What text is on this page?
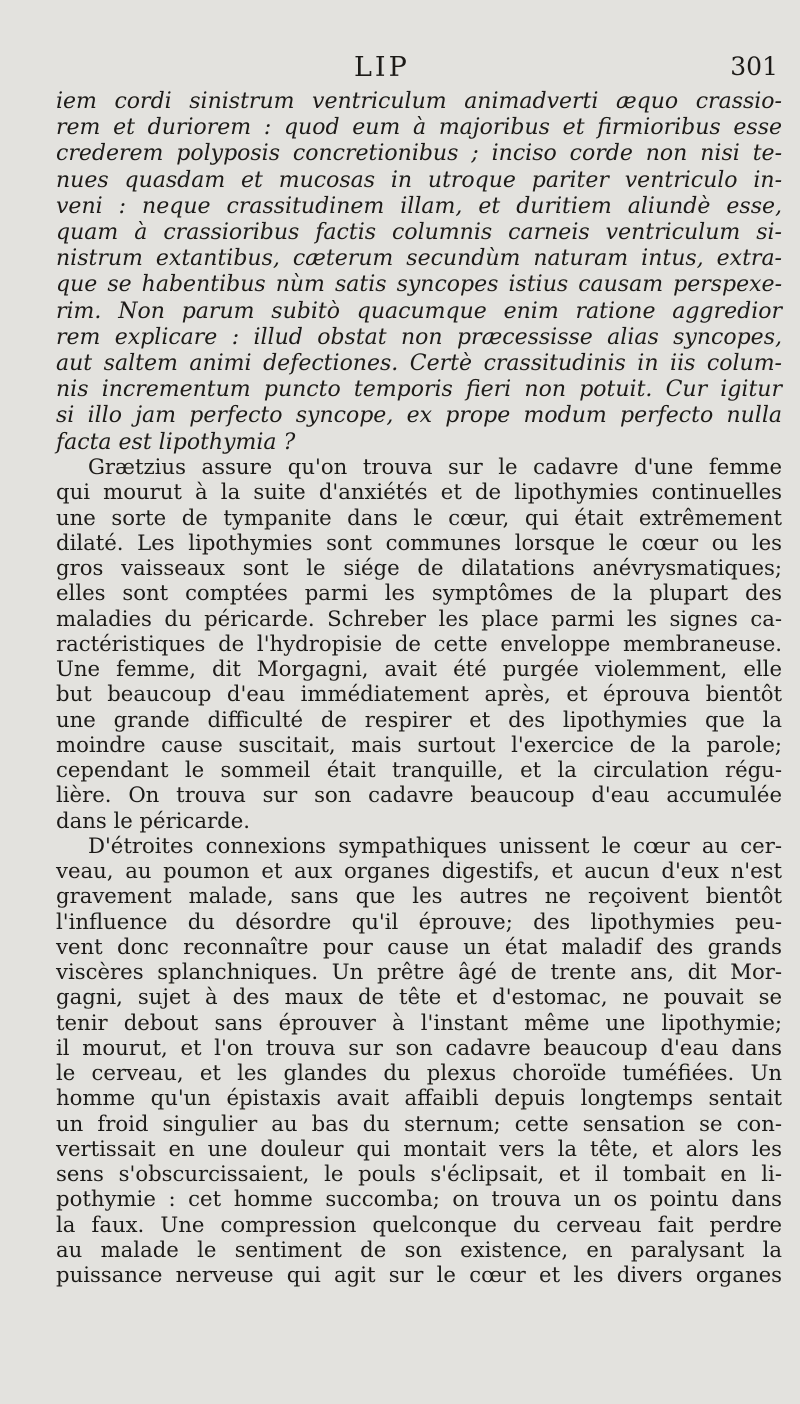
LIP	301
iem cordi sinistrum ventriculum animadverti æquo crassio-
rem et duriorem : quod eum à majoribus et firmioribus esse
crederem polyposis concretionibus ; inciso corde non nisi te-
nues quasdam et mucosas in utroque pariter ventriculo in-
veni : neque crassitudinem illam, et duritiem aliundè esse,
quam à crassioribus factis columnis carneis ventriculum si-
nistrum extantibus, cæterum secundùm naturam intus, extra-
que se habentibus nùm satis syncopes istius causam perspexe-
rim. Non parum subitò quacumque enim ratione aggredior
rem explicare : illud obstat non præcessisse alias syncopes,
aut saltem animi defectiones. Certè crassitudinis in iis colum-
nis incrementum puncto temporis fieri non potuit. Cur igitur
si illo jam perfecto syncope, ex prope modum perfecto nulla
facta est lipothymia ?
Grætzius assure qu'on trouva sur le cadavre d'une femme
qui mourut à la suite d'anxiétés et de lipothymies continuelles
une sorte de tympanite dans le cœur, qui était extrêmement
dilaté. Les lipothymies sont communes lorsque le cœur ou les
gros vaisseaux sont le siége de dilatations anévrysmatiques;
elles sont comptées parmi les symptômes de la plupart des
maladies du péricarde. Schreber les place parmi les signes ca-
ractéristiques de l'hydropisie de cette enveloppe membraneuse.
Une femme, dit Morgagni, avait été purgée violemment, elle
but beaucoup d'eau immédiatement après, et éprouva bientôt
une grande difficulté de respirer et des lipothymies que la
moindre cause suscitait, mais surtout l'exercice de la parole;
cependant le sommeil était tranquille, et la circulation régu-
lière. On trouva sur son cadavre beaucoup d'eau accumulée
dans le péricarde.
D'étroites connexions sympathiques unissent le cœur au cer-
veau, au poumon et aux organes digestifs, et aucun d'eux n'est
gravement malade, sans que les autres ne reçoivent bientôt
l'influence du désordre qu'il éprouve; des lipothymies peu-
vent donc reconnaître pour cause un état maladif des grands
viscères splanchniques. Un prêtre âgé de trente ans, dit Mor-
gagni, sujet à des maux de tête et d'estomac, ne pouvait se
tenir debout sans éprouver à l'instant même une lipothymie;
il mourut, et l'on trouva sur son cadavre beaucoup d'eau dans
le cerveau, et les glandes du plexus choroïde tuméfiées. Un
homme qu'un épistaxis avait affaibli depuis longtemps sentait
un froid singulier au bas du sternum; cette sensation se con-
vertissait en une douleur qui montait vers la tête, et alors les
sens s'obscurcissaient, le pouls s'éclipsait, et il tombait en li-
pothymie : cet homme succomba; on trouva un os pointu dans
la faux. Une compression quelconque du cerveau fait perdre
au malade le sentiment de son existence, en paralysant la
puissance nerveuse qui agit sur le cœur et les divers organes
